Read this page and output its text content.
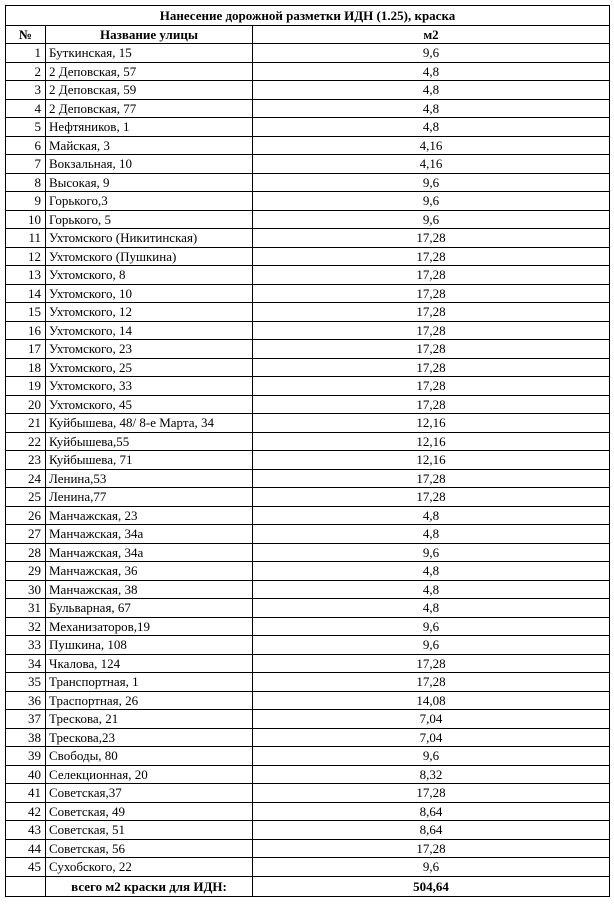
Нанесение дорожной разметки ИДН (1.25), краска		
№	Название улицы	м2
1	Буткинская, 15	9,6
2	2 Деповская, 57	4,8
3	2 Деповская, 59	4,8
4	2 Деповская, 77	4,8
5	Нефтяников, 1	4,8
6	Майская, 3	4,16
7	Вокзальная, 10	4,16
8	Высокая, 9	9,6
9	Горького,3	9,6
10	Горького, 5	9,6
11	Ухтомского (Никитинская)	17,28
12	Ухтомского (Пушкина)	17,28
13	Ухтомского, 8	17,28
14	Ухтомского, 10	17,28
15	Ухтомского, 12	17,28
16	Ухтомского, 14	17,28
17	Ухтомского, 23	17,28
18	Ухтомского, 25	17,28
19	Ухтомского, 33	17,28
20	Ухтомского, 45	17,28
21	Куйбышева, 48/ 8-е Марта, 34	12,16
22	Куйбышева,55	12,16
23	Куйбышева, 71	12,16
24	Ленина,53	17,28
25	Ленина,77	17,28
26	Манчажская, 23	4,8
27	Манчажская, 34а	4,8
28	Манчажская, 34а	9,6
29	Манчажская, 36	4,8
30	Манчажская, 38	4,8
31	Бульварная, 67	4,8
32	Механизаторов,19	9,6
33	Пушкина, 108	9,6
34	Чкалова, 124	17,28
35	Транспортная, 1	17,28
36	Траспортная, 26	14,08
37	Трескова, 21	7,04
38	Трескова,23	7,04
39	Свободы, 80	9,6
40	Селекционная, 20	8,32
41	Советская,37	17,28
42	Советская, 49	8,64
43	Советская, 51	8,64
44	Советская, 56	17,28
45	Сухобского, 22	9,6
	всего м2 краски для ИДН:	504,64
